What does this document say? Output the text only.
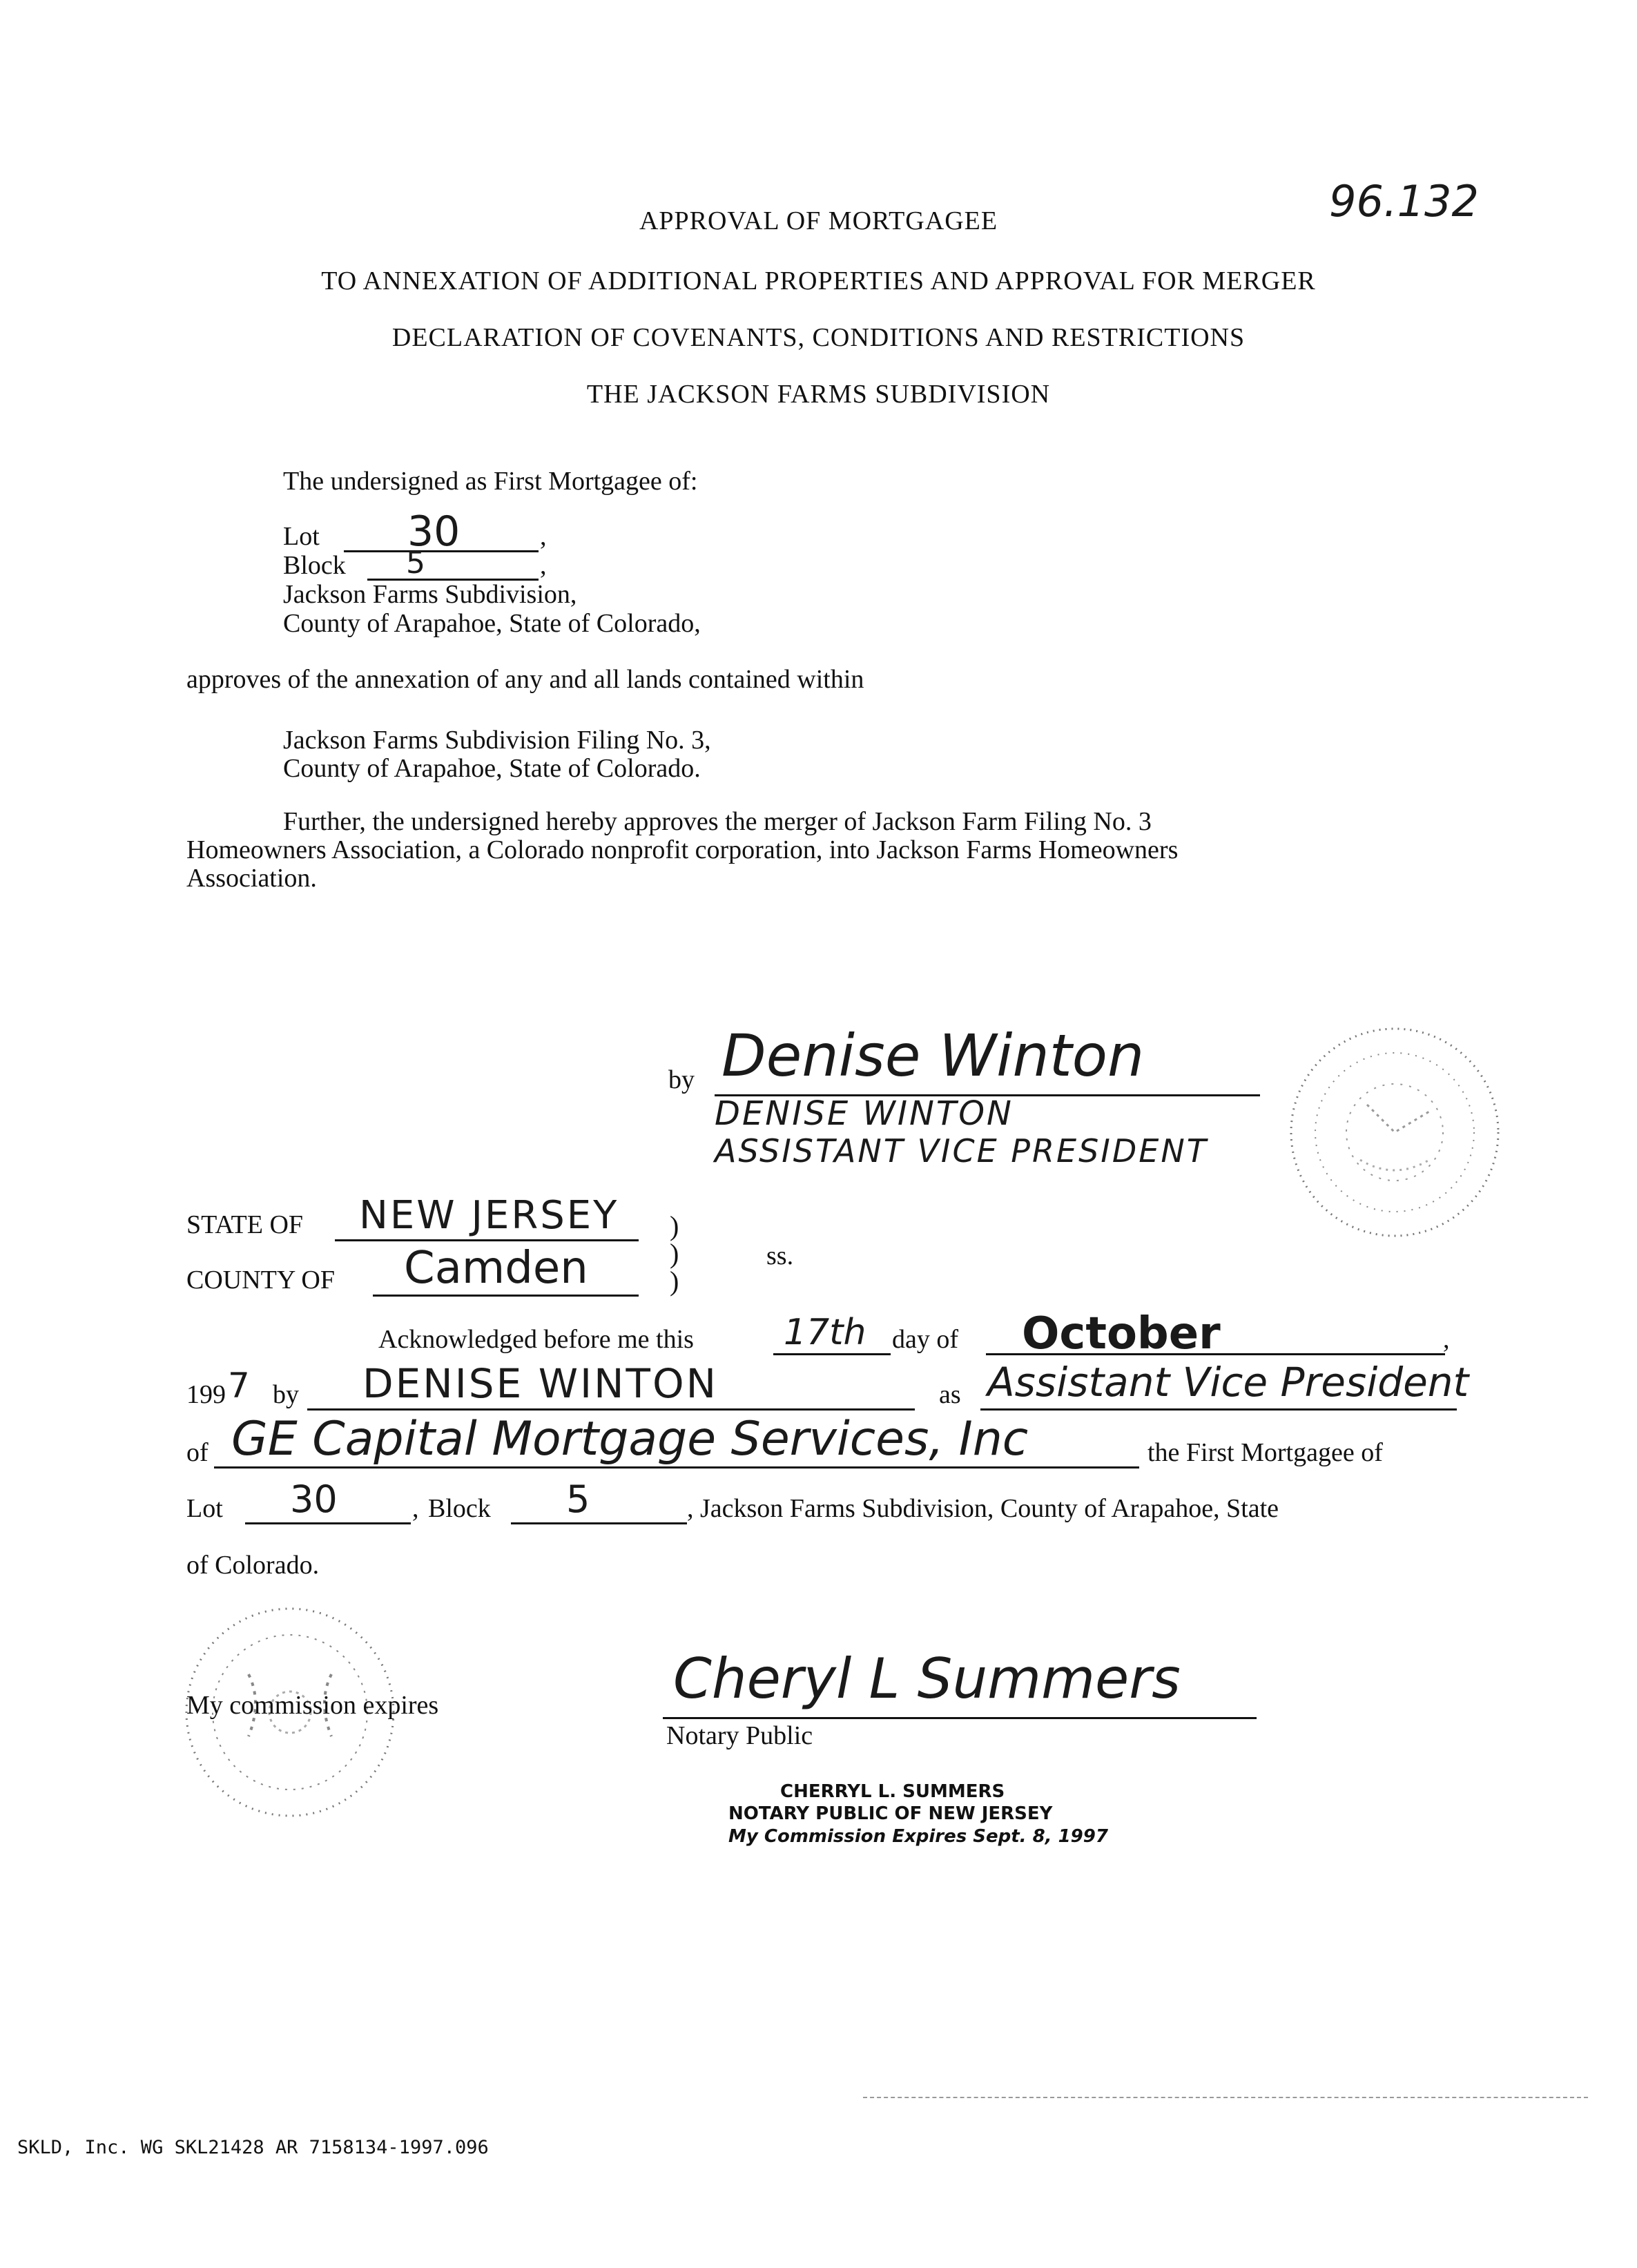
96.132
APPROVAL OF MORTGAGEE
TO ANNEXATION OF ADDITIONAL PROPERTIES AND APPROVAL FOR MERGER
DECLARATION OF COVENANTS, CONDITIONS AND RESTRICTIONS
THE JACKSON FARMS SUBDIVISION
The undersigned as First Mortgagee of:
Lot 30	,
Block 5	,
Jackson Farms Subdivision,
County of Arapahoe, State of Colorado,
approves of the annexation of any and all lands contained within
Jackson Farms Subdivision Filing No. 3,
County of Arapahoe, State of Colorado.
Further, the undersigned hereby approves the merger of Jackson Farm Filing No. 3
Homeowners Association, a Colorado nonprofit corporation, into Jackson Farms Homeowners
Association.
by Denise Winton
DENISE WINTON
ASSISTANT VICE PRESIDENT
STATE OF NEW JERSEY )
)
)
ss.
COUNTY OF Camden
Acknowledged before me this	17th day of October	,
199 7 by DENISE WINTON	as Assistant Vice President
of GE Capital Mortgage Services, Inc	the First Mortgagee of
Lot 30	, Block 5	, Jackson Farms Subdivision, County of Arapahoe, State
of Colorado.
My commission expires	Cheryl L Summers
Notary Public
CHERRYL L. SUMMERS
NOTARY PUBLIC OF NEW JERSEY
My Commission Expires Sept. 8, 1997
SKLD, Inc. WG SKL21428 AR 7158134-1997.096
